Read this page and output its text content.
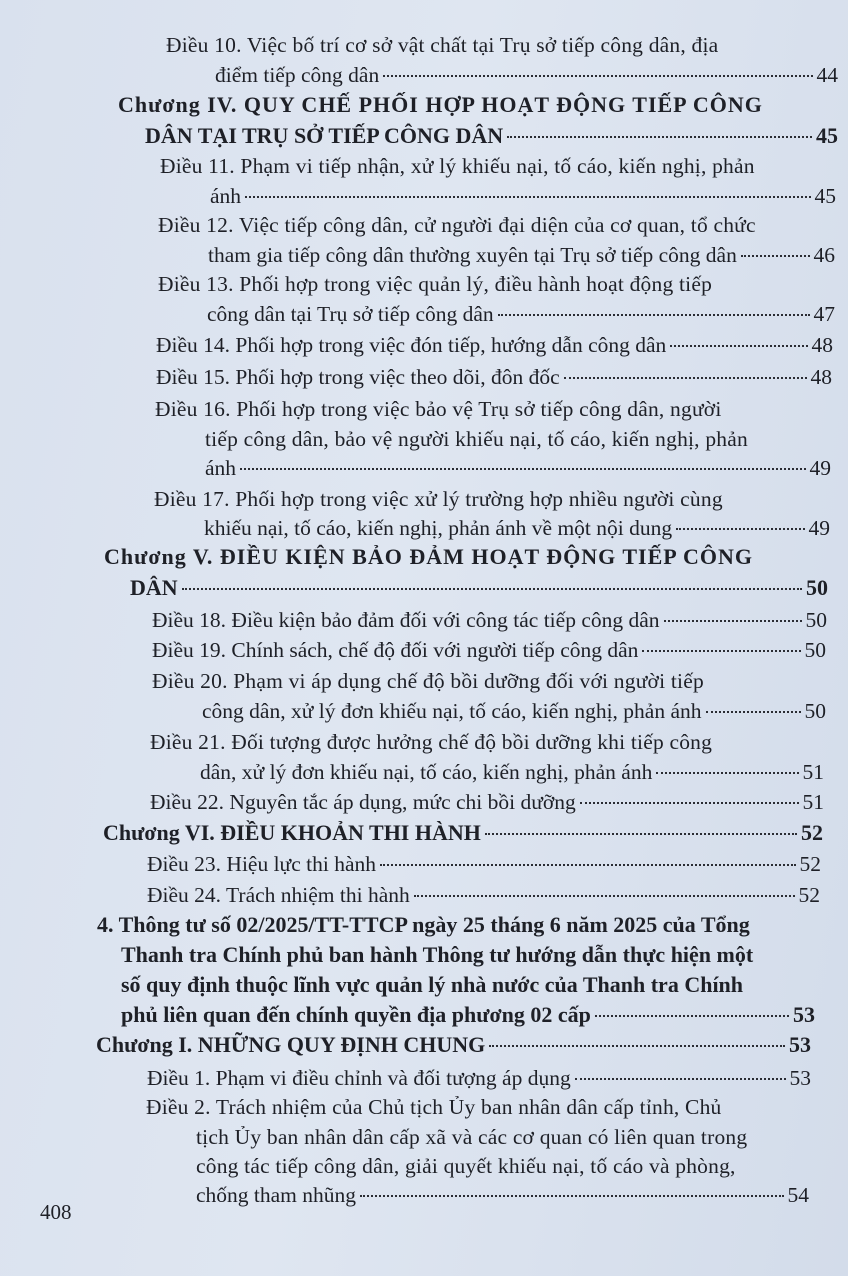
Điều 10. Việc bố trí cơ sở vật chất tại Trụ sở tiếp công dân, địa
điểm tiếp công dân	44
Chương IV. QUY CHẾ PHỐI HỢP HOẠT ĐỘNG TIẾP CÔNG
DÂN TẠI TRỤ SỞ TIẾP CÔNG DÂN	45
Điều 11. Phạm vi tiếp nhận, xử lý khiếu nại, tố cáo, kiến nghị, phản
ánh	45
Điều 12. Việc tiếp công dân, cử người đại diện của cơ quan, tổ chức
tham gia tiếp công dân thường xuyên tại Trụ sở tiếp công dân	46
Điều 13. Phối hợp trong việc quản lý, điều hành hoạt động tiếp
công dân tại Trụ sở tiếp công dân	47
Điều 14. Phối hợp trong việc đón tiếp, hướng dẫn công dân	48
Điều 15. Phối hợp trong việc theo dõi, đôn đốc	48
Điều 16. Phối hợp trong việc bảo vệ Trụ sở tiếp công dân, người
tiếp công dân, bảo vệ người khiếu nại, tố cáo, kiến nghị, phản
ánh	49
Điều 17. Phối hợp trong việc xử lý trường hợp nhiều người cùng
khiếu nại, tố cáo, kiến nghị, phản ánh về một nội dung	49
Chương V. ĐIỀU KIỆN BẢO ĐẢM HOẠT ĐỘNG TIẾP CÔNG
DÂN	50
Điều 18. Điều kiện bảo đảm đối với công tác tiếp công dân	50
Điều 19. Chính sách, chế độ đối với người tiếp công dân	50
Điều 20. Phạm vi áp dụng chế độ bồi dưỡng đối với người tiếp
công dân, xử lý đơn khiếu nại, tố cáo, kiến nghị, phản ánh	50
Điều 21. Đối tượng được hưởng chế độ bồi dưỡng khi tiếp công
dân, xử lý đơn khiếu nại, tố cáo, kiến nghị, phản ánh	51
Điều 22. Nguyên tắc áp dụng, mức chi bồi dưỡng	51
Chương VI. ĐIỀU KHOẢN THI HÀNH	52
Điều 23. Hiệu lực thi hành	52
Điều 24. Trách nhiệm thi hành	52
4. Thông tư số 02/2025/TT-TTCP ngày 25 tháng 6 năm 2025 của Tổng
Thanh tra Chính phủ ban hành Thông tư hướng dẫn thực hiện một
số quy định thuộc lĩnh vực quản lý nhà nước của Thanh tra Chính
phủ liên quan đến chính quyền địa phương 02 cấp	53
Chương I. NHỮNG QUY ĐỊNH CHUNG	53
Điều 1. Phạm vi điều chỉnh và đối tượng áp dụng	53
Điều 2. Trách nhiệm của Chủ tịch Ủy ban nhân dân cấp tỉnh, Chủ
tịch Ủy ban nhân dân cấp xã và các cơ quan có liên quan trong
công tác tiếp công dân, giải quyết khiếu nại, tố cáo và phòng,
chống tham nhũng	54
408
